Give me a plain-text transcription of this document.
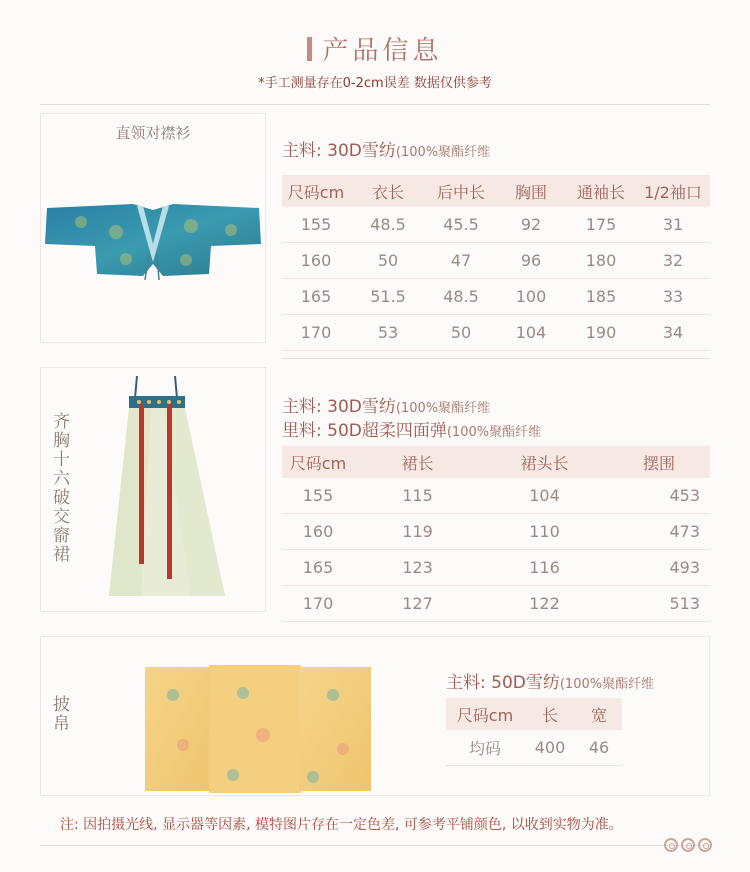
产品信息
*手工测量存在0-2cm误差 数据仅供参考
直领对襟衫
主料: 30D雪纺(100%聚酯纤维
尺码cm	衣长	后中长	胸围	通袖长	1/2袖口
155	48.5	45.5	92	175	31
160	50	47	96	180	32
165	51.5	48.5	100	185	33
170	53	50	104	190	34
齐胸十六破交窬裙
主料: 30D雪纺(100%聚酯纤维
里料: 50D超柔四面弹(100%聚酯纤维
尺码cm	裙长	裙头长	摆围
155	115	104	453
160	119	110	473
165	123	116	493
170	127	122	513
披帛
主料: 50D雪纺(100%聚酯纤维
尺码cm	长	宽
均码	400	46
注: 因拍摄光线, 显示器等因素, 模特图片存在一定色差, 可参考平铺颜色, 以收到实物为准。
